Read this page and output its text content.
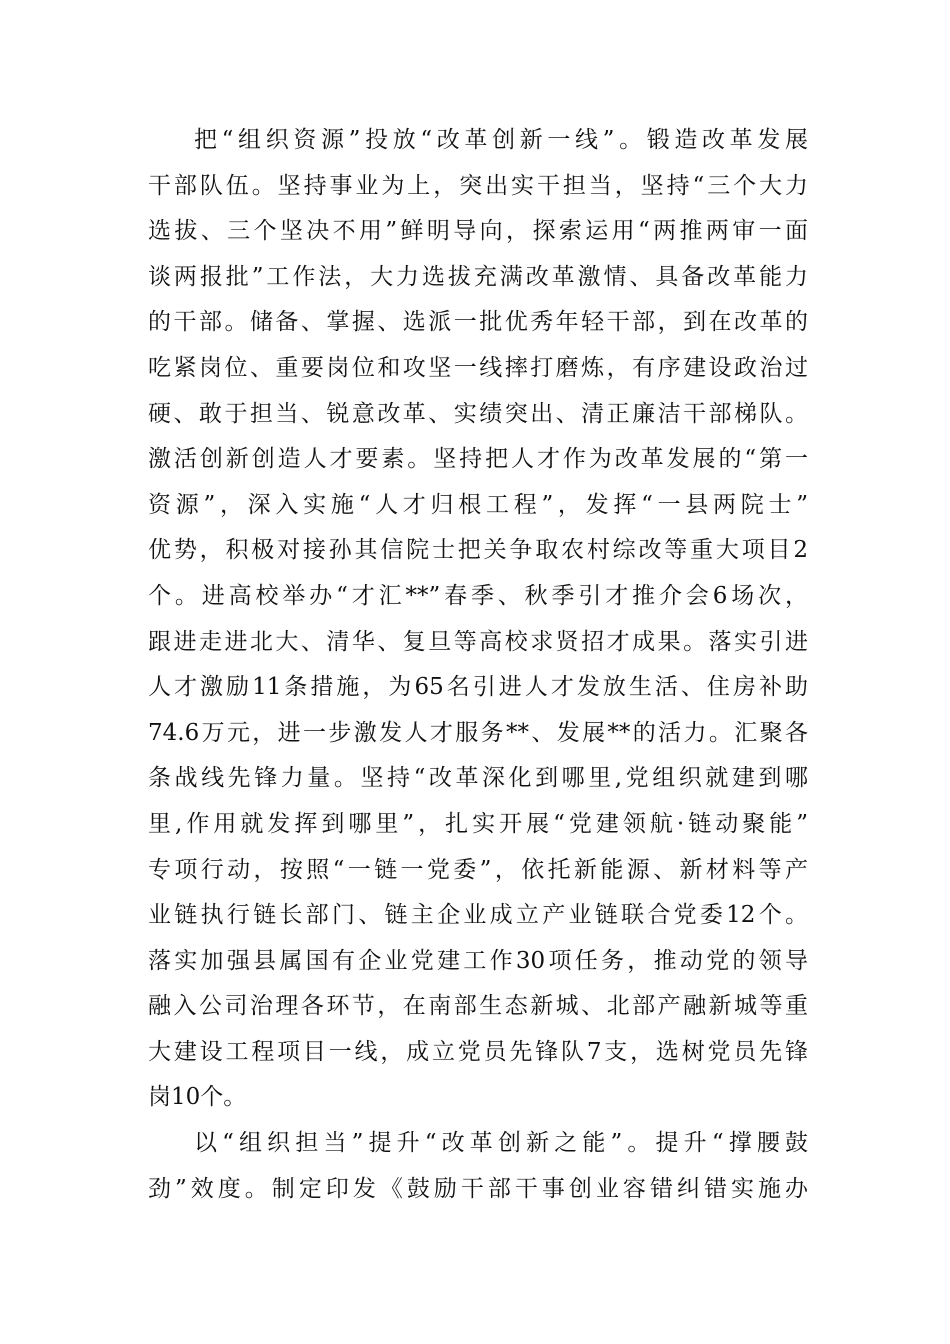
把“组织资源”投放“改革创新一线”。锻造改革发展
干部队伍。坚持事业为上，突出实干担当，坚持“三个大力
选拔、三个坚决不用”鲜明导向，探索运用“两推两审一面
谈两报批”工作法，大力选拔充满改革激情、具备改革能力
的干部。储备、掌握、选派一批优秀年轻干部，到在改革的
吃紧岗位、重要岗位和攻坚一线摔打磨炼，有序建设政治过
硬、敢于担当、锐意改革、实绩突出、清正廉洁干部梯队。
激活创新创造人才要素。坚持把人才作为改革发展的“第一
资源”，深入实施“人才归根工程”，发挥“一县两院士”
优势，积极对接孙其信院士把关争取农村综改等重大项目2
个。进高校举办“才汇**”春季、秋季引才推介会6场次，
跟进走进北大、清华、复旦等高校求贤招才成果。落实引进
人才激励11条措施，为65名引进人才发放生活、住房补助
74.6万元，进一步激发人才服务**、发展**的活力。汇聚各
条战线先锋力量。坚持“改革深化到哪里,党组织就建到哪
里,作用就发挥到哪里”，扎实开展“党建领航·链动聚能”
专项行动，按照“一链一党委”，依托新能源、新材料等产
业链执行链长部门、链主企业成立产业链联合党委12个。
落实加强县属国有企业党建工作30项任务，推动党的领导
融入公司治理各环节，在南部生态新城、北部产融新城等重
大建设工程项目一线，成立党员先锋队7支，选树党员先锋
岗10个。
以“组织担当”提升“改革创新之能”。提升“撑腰鼓
劲”效度。制定印发《鼓励干部干事创业容错纠错实施办
